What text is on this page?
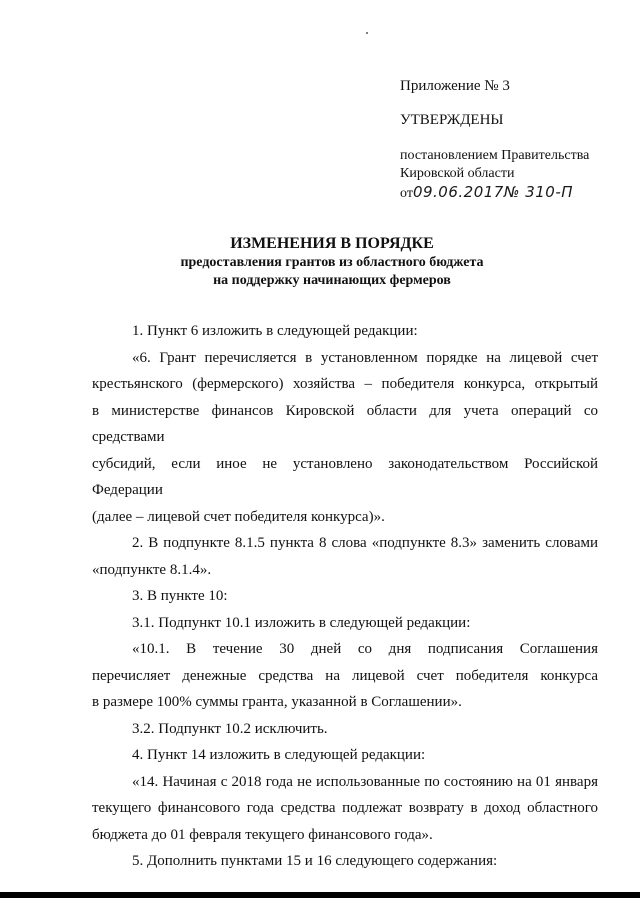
Приложение № 3
УТВЕРЖДЕНЫ
постановлением Правительства
Кировской области
от09.06.2017№ 310-П
ИЗМЕНЕНИЯ В ПОРЯДКЕ
предоставления грантов из областного бюджета
на поддержку начинающих фермеров

1. Пункт 6 изложить в следующей редакции:

«6. Грант перечисляется в установленном порядке на лицевой счет

крестьянского (фермерского) хозяйства – победителя конкурса, открытый

в министерстве финансов Кировской области для учета операций со средствами

субсидий, если иное не установлено законодательством Российской Федерации

(далее – лицевой счет победителя конкурса)».

2. В подпункте 8.1.5 пункта 8 слова «подпункте 8.3» заменить словами

«подпункте 8.1.4».

3. В пункте 10:

3.1. Подпункт 10.1 изложить в следующей редакции:

«10.1. В течение 30 дней со дня подписания Соглашения

перечисляет денежные средства на лицевой счет победителя конкурса

в размере 100% суммы гранта, указанной в Соглашении».

3.2. Подпункт 10.2 исключить.

4. Пункт 14 изложить в следующей редакции:

«14. Начиная с 2018 года не использованные по состоянию на 01 января

текущего финансового года средства подлежат возврату в доход областного

бюджета до 01 февраля текущего финансового года».

5. Дополнить пунктами 15 и 16 следующего содержания:
